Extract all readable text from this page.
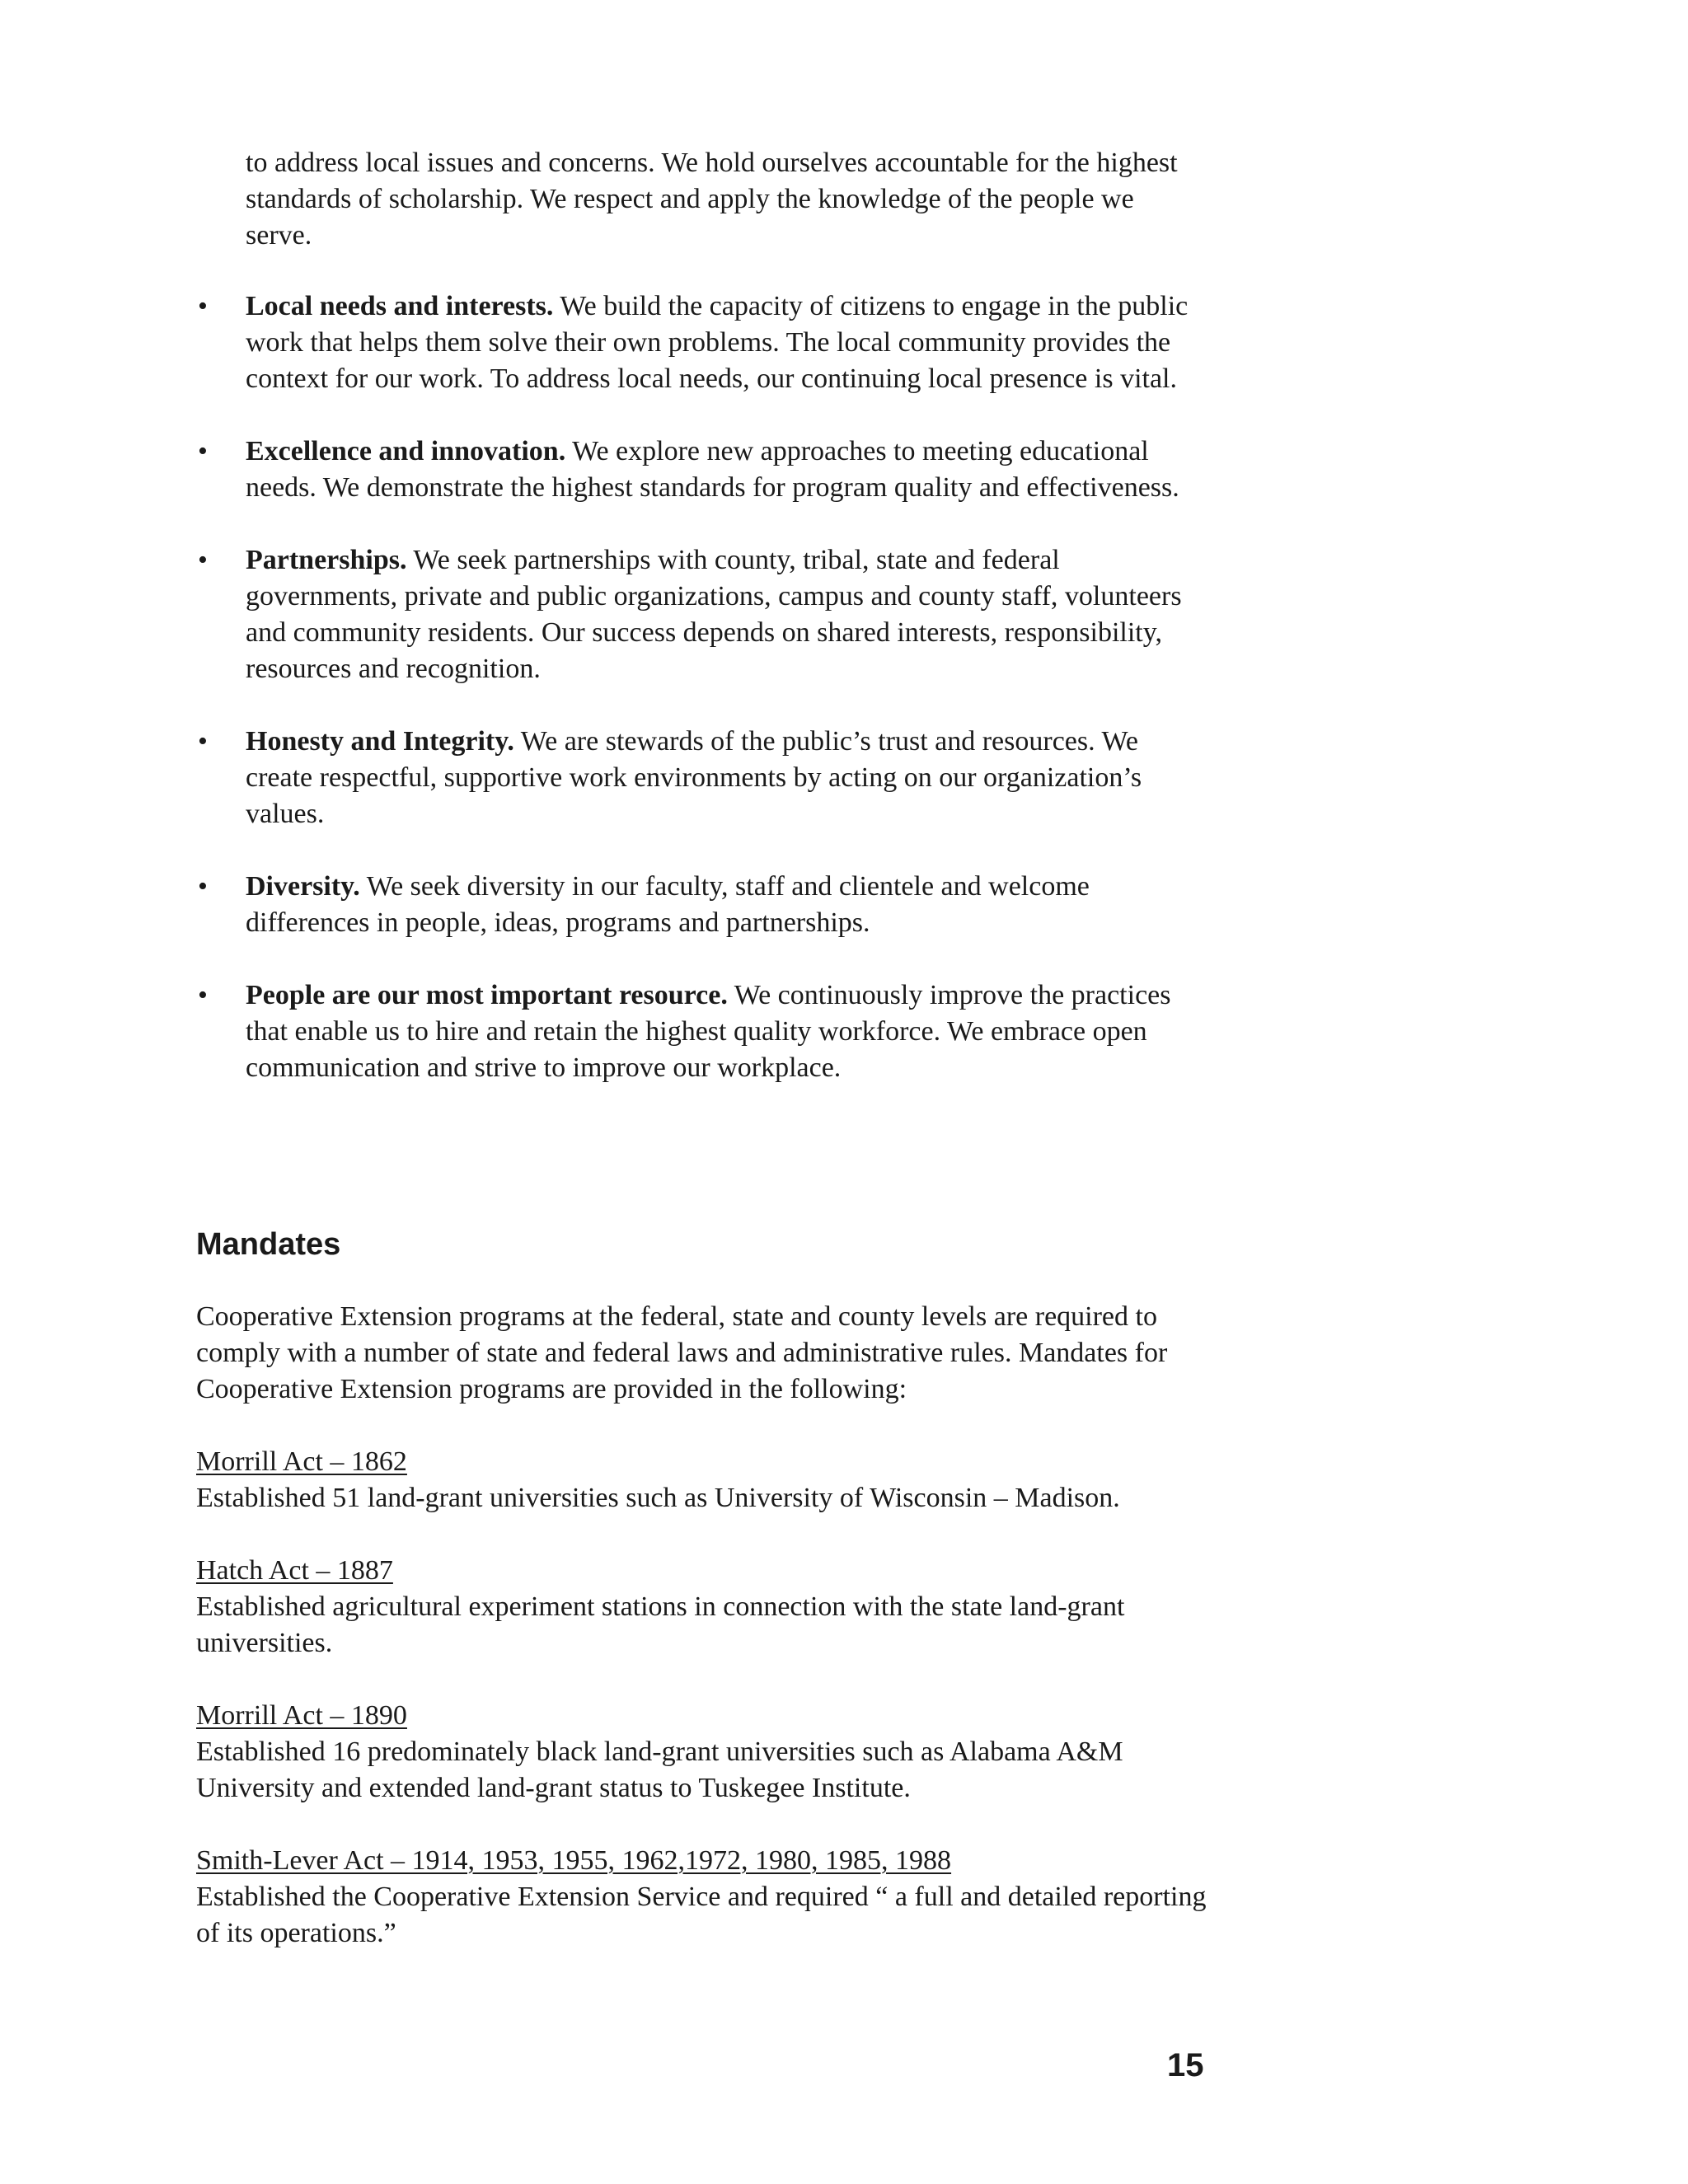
to address local issues and concerns. We hold ourselves accountable for the highest standards of scholarship. We respect and apply the knowledge of the people we serve.

•	Local needs and interests. We build the capacity of citizens to engage in the public work that helps them solve their own problems. The local community provides the context for our work. To address local needs, our continuing local presence is vital.
•	Excellence and innovation. We explore new approaches to meeting educational needs. We demonstrate the highest standards for program quality and effectiveness.
•	Partnerships. We seek partnerships with county, tribal, state and federal governments, private and public organizations, campus and county staff, volunteers and community residents. Our success depends on shared interests, responsibility, resources and recognition.
•	Honesty and Integrity. We are stewards of the public’s trust and resources. We create respectful, supportive work environments by acting on our organization’s values.
•	Diversity. We seek diversity in our faculty, staff and clientele and welcome differences in people, ideas, programs and partnerships.
•	People are our most important resource. We continuously improve the practices that enable us to hire and retain the highest quality workforce. We embrace open communication and strive to improve our workplace.
Mandates

Cooperative Extension programs at the federal, state and county levels are required to comply with a number of state and federal laws and administrative rules. Mandates for Cooperative Extension programs are provided in the following:

Morrill Act – 1862

Established 51 land-grant universities such as University of Wisconsin – Madison.

Hatch Act – 1887

Established agricultural experiment stations in connection with the state land-grant universities.

Morrill Act – 1890

Established 16 predominately black land-grant universities such as Alabama A&M University and extended land-grant status to Tuskegee Institute.

Smith-Lever Act – 1914, 1953, 1955, 1962,1972, 1980, 1985, 1988

Established the Cooperative Extension Service and required “ a full and detailed reporting of its operations.”

15
